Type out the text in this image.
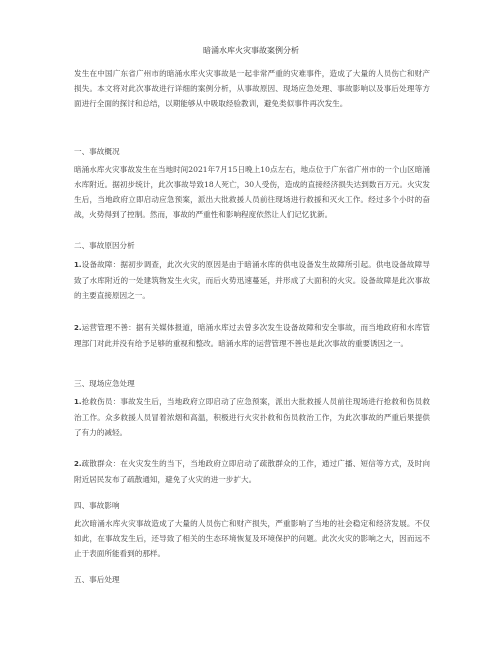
暗涌水库火灾事故案例分析
发生在中国广东省广州市的暗涌水库火灾事故是一起非常严重的灾难事件，造成了大量的人员伤亡和财产损失。本文将对此次事故进行详细的案例分析，从事故原因、现场应急处理、事故影响以及事后处理等方面进行全面的探讨和总结，以期能够从中吸取经验教训，避免类似事件再次发生。
一、事故概况
暗涌水库火灾事故发生在当地时间2021年7月15日晚上10点左右，地点位于广东省广州市的一个山区暗涌水库附近。据初步统计，此次事故导致18人死亡，30人受伤，造成的直接经济损失达到数百万元。火灾发生后，当地政府立即启动应急预案，派出大批救援人员前往现场进行救援和灭火工作。经过多个小时的奋战，火势得到了控制。然而，事故的严重性和影响程度依然让人们记忆犹新。
二、事故原因分析
1.设备故障：据初步调查，此次火灾的原因是由于暗涌水库的供电设备发生故障所引起。供电设备故障导致了水库附近的一处建筑物发生火灾，而后火势迅速蔓延，并形成了大面积的火灾。设备故障是此次事故的主要直接原因之一。
2.运营管理不善：据有关媒体报道，暗涌水库过去曾多次发生设备故障和安全事故，而当地政府和水库管理部门对此并没有给予足够的重视和整改。暗涌水库的运营管理不善也是此次事故的重要诱因之一。
三、现场应急处理
1.抢救伤员：事故发生后，当地政府立即启动了应急预案，派出大批救援人员前往现场进行抢救和伤员救治工作。众多救援人员冒着浓烟和高温，积极进行火灾扑救和伤员救治工作，为此次事故的严重后果提供了有力的减轻。
2.疏散群众：在火灾发生的当下，当地政府立即启动了疏散群众的工作，通过广播、短信等方式，及时向附近居民发布了疏散通知，避免了火灾的进一步扩大。
四、事故影响
此次暗涌水库火灾事故造成了大量的人员伤亡和财产损失，严重影响了当地的社会稳定和经济发展。不仅如此，在事故发生后，还导致了相关的生态环境恢复及环境保护的问题。此次火灾的影响之大，因而远不止于表面所能看到的那样。
五、事后处理
